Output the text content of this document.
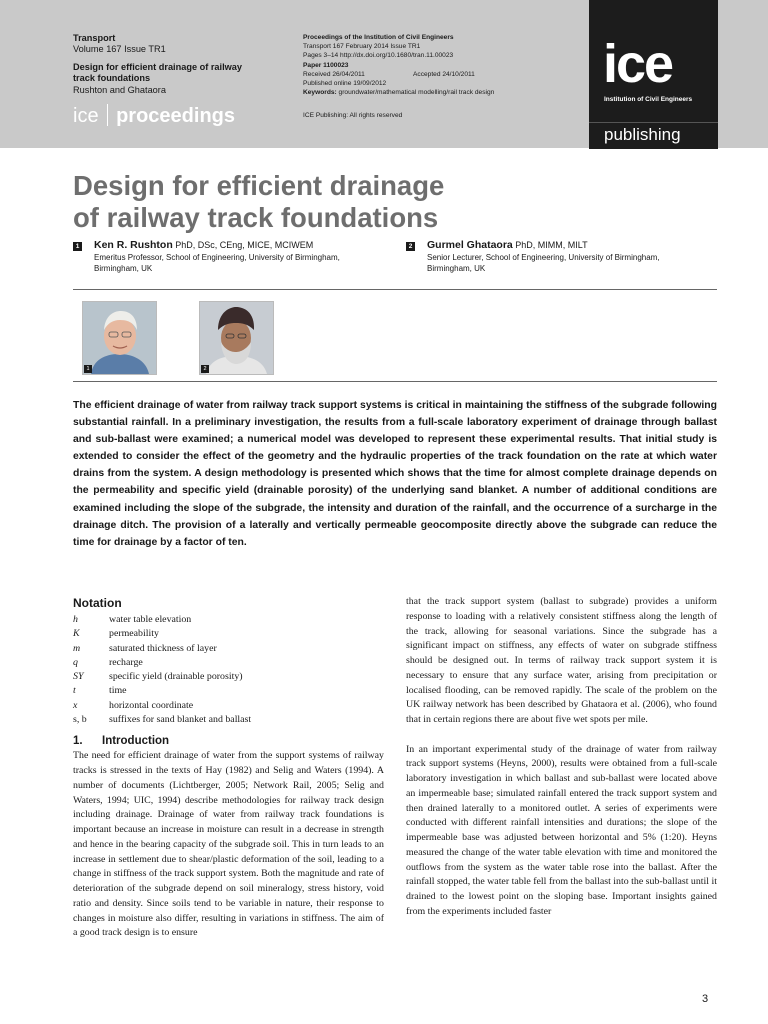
Transport
Volume 167 Issue TR1
Design for efficient drainage of railway
track foundations
Rushton and Ghataora
ice proceedings
Proceedings of the Institution of Civil Engineers
Transport 167 February 2014 Issue TR1
Pages 3–14 http://dx.doi.org/10.1680/tran.11.00023
Paper 1100023
Received 26/04/2011	Accepted 24/10/2011
Published online 19/09/2012
Keywords: groundwater/mathematical modelling/rail track design
ICE Publishing: All rights reserved
ice
Institution of Civil Engineers
publishing
Design for efficient drainage
of railway track foundations
1 Ken R. Rushton PhD, DSc, CEng, MICE, MCIWEM
Emeritus Professor, School of Engineering, University of Birmingham,
Birmingham, UK
2 Gurmel Ghataora PhD, MIMM, MILT
Senior Lecturer, School of Engineering, University of Birmingham,
Birmingham, UK
1	2
The efficient drainage of water from railway track support systems is critical in maintaining the stiffness of the subgrade following substantial rainfall. In a preliminary investigation, the results from a full-scale laboratory experiment of drainage through ballast and sub-ballast were examined; a numerical model was developed to represent these experimental results. That initial study is extended to consider the effect of the geometry and the hydraulic properties of the track foundation on the rate at which water drains from the system. A design methodology is presented which shows that the time for almost complete drainage depends on the permeability and specific yield (drainable porosity) of the underlying sand blanket. A number of additional conditions are examined including the slope of the subgrade, the intensity and duration of the rainfall, and the occurrence of a surcharge in the drainage ditch. The provision of a laterally and vertically permeable geocomposite directly above the subgrade can reduce the time for drainage by a factor of ten.
Notation
h	water table elevation
K	permeability
m	saturated thickness of layer
q	recharge
SY	specific yield (drainable porosity)
t	time
x	horizontal coordinate
s, b	suffixes for sand blanket and ballast
1. Introduction

The need for efficient drainage of water from the support systems of railway tracks is stressed in the texts of Hay (1982) and Selig and Waters (1994). A number of documents (Lichtberger, 2005; Network Rail, 2005; Selig and Waters, 1994; UIC, 1994) describe methodologies for railway track design including drainage. Drainage of water from railway track foundations is important because an increase in moisture can result in a decrease in strength and hence in the bearing capacity of the subgrade soil. This in turn leads to an increase in settlement due to shear/plastic deformation of the soil, leading to a change in stiffness of the track support system. Both the magnitude and rate of deterioration of the subgrade depend on soil mineralogy, stress history, void ratio and density. Since soils tend to be variable in nature, their response to changes in moisture also differ, resulting in variations in stiffness. The aim of a good track design is to ensure

that the track support system (ballast to subgrade) provides a uniform response to loading with a relatively consistent stiffness along the length of the track, allowing for seasonal variations. Since the subgrade has a significant impact on stiffness, any effects of water on subgrade stiffness should be designed out. In terms of railway track support system it is necessary to ensure that any surface water, arising from precipitation or localised flooding, can be removed rapidly. The scale of the problem on the UK railway network has been described by Ghataora et al. (2006), who found that in certain regions there are about five wet spots per mile.

In an important experimental study of the drainage of water from railway track support systems (Heyns, 2000), results were obtained from a full-scale laboratory investigation in which ballast and sub-ballast were located above an impermeable base; simulated rainfall entered the track support system and then drained laterally to a monitored outlet. A series of experiments were conducted with different rainfall intensities and durations; the slope of the impermeable base was adjusted between horizontal and 5% (1:20). Heyns measured the change of the water table elevation with time and monitored the outflows from the system as the water table rose into the ballast. After the rainfall stopped, the water table fell from the ballast into the sub-ballast until it drained to the lowest point on the sloping base. Important insights gained from the experiments included faster

3
